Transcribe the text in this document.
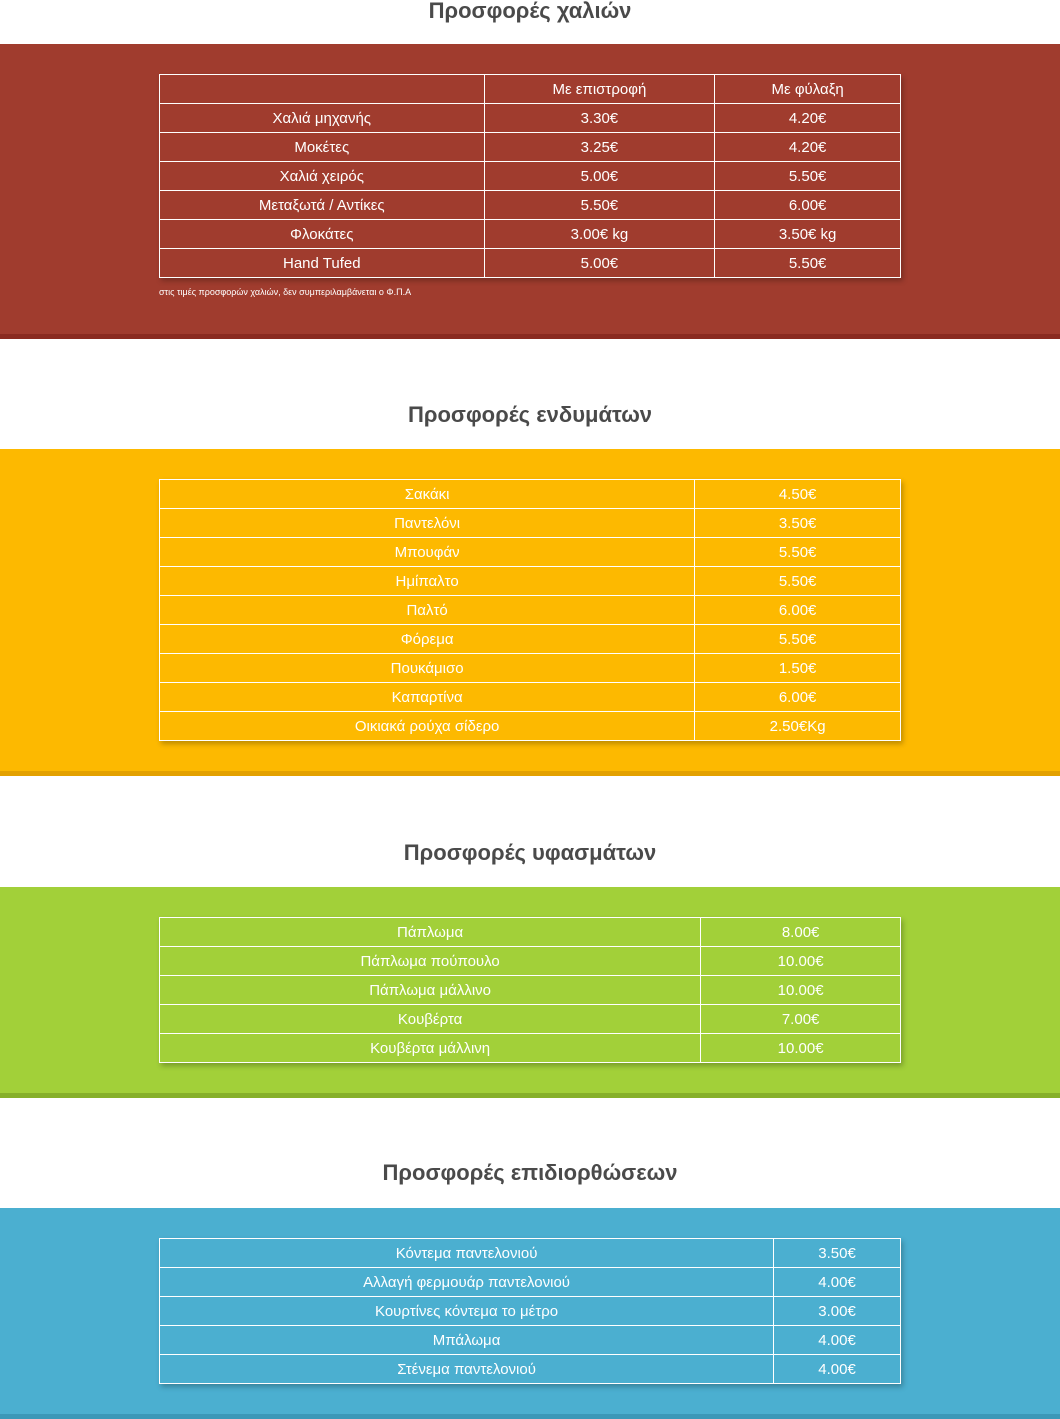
Προσφορές χαλιών
	Με επιστροφή	Με φύλαξη
Χαλιά μηχανής	3.30€	4.20€
Μοκέτες	3.25€	4.20€
Χαλιά χειρός	5.00€	5.50€
Μεταξωτά / Αντίκες	5.50€	6.00€
Φλοκάτες	3.00€ kg	3.50€ kg
Hand Tufed	5.00€	5.50€

στις τιμές προσφορών χαλιών, δεν συμπεριλαμβάνεται ο Φ.Π.Α

Προσφορές ενδυμάτων
Σακάκι	4.50€
Παντελόνι	3.50€
Μπουφάν	5.50€
Ημίπαλτο	5.50€
Παλτό	6.00€
Φόρεμα	5.50€
Πουκάμισο	1.50€
Καπαρτίνα	6.00€
Οικιακά ρούχα σίδερο	2.50€Kg
Προσφορές υφασμάτων
Πάπλωμα	8.00€
Πάπλωμα πούπουλο	10.00€
Πάπλωμα μάλλινο	10.00€
Κουβέρτα	7.00€
Κουβέρτα μάλλινη	10.00€
Προσφορές επιδιορθώσεων
Κόντεμα παντελονιού	3.50€
Αλλαγή φερμουάρ παντελονιού	4.00€
Κουρτίνες κόντεμα το μέτρο	3.00€
Μπάλωμα	4.00€
Στένεμα παντελονιού	4.00€
